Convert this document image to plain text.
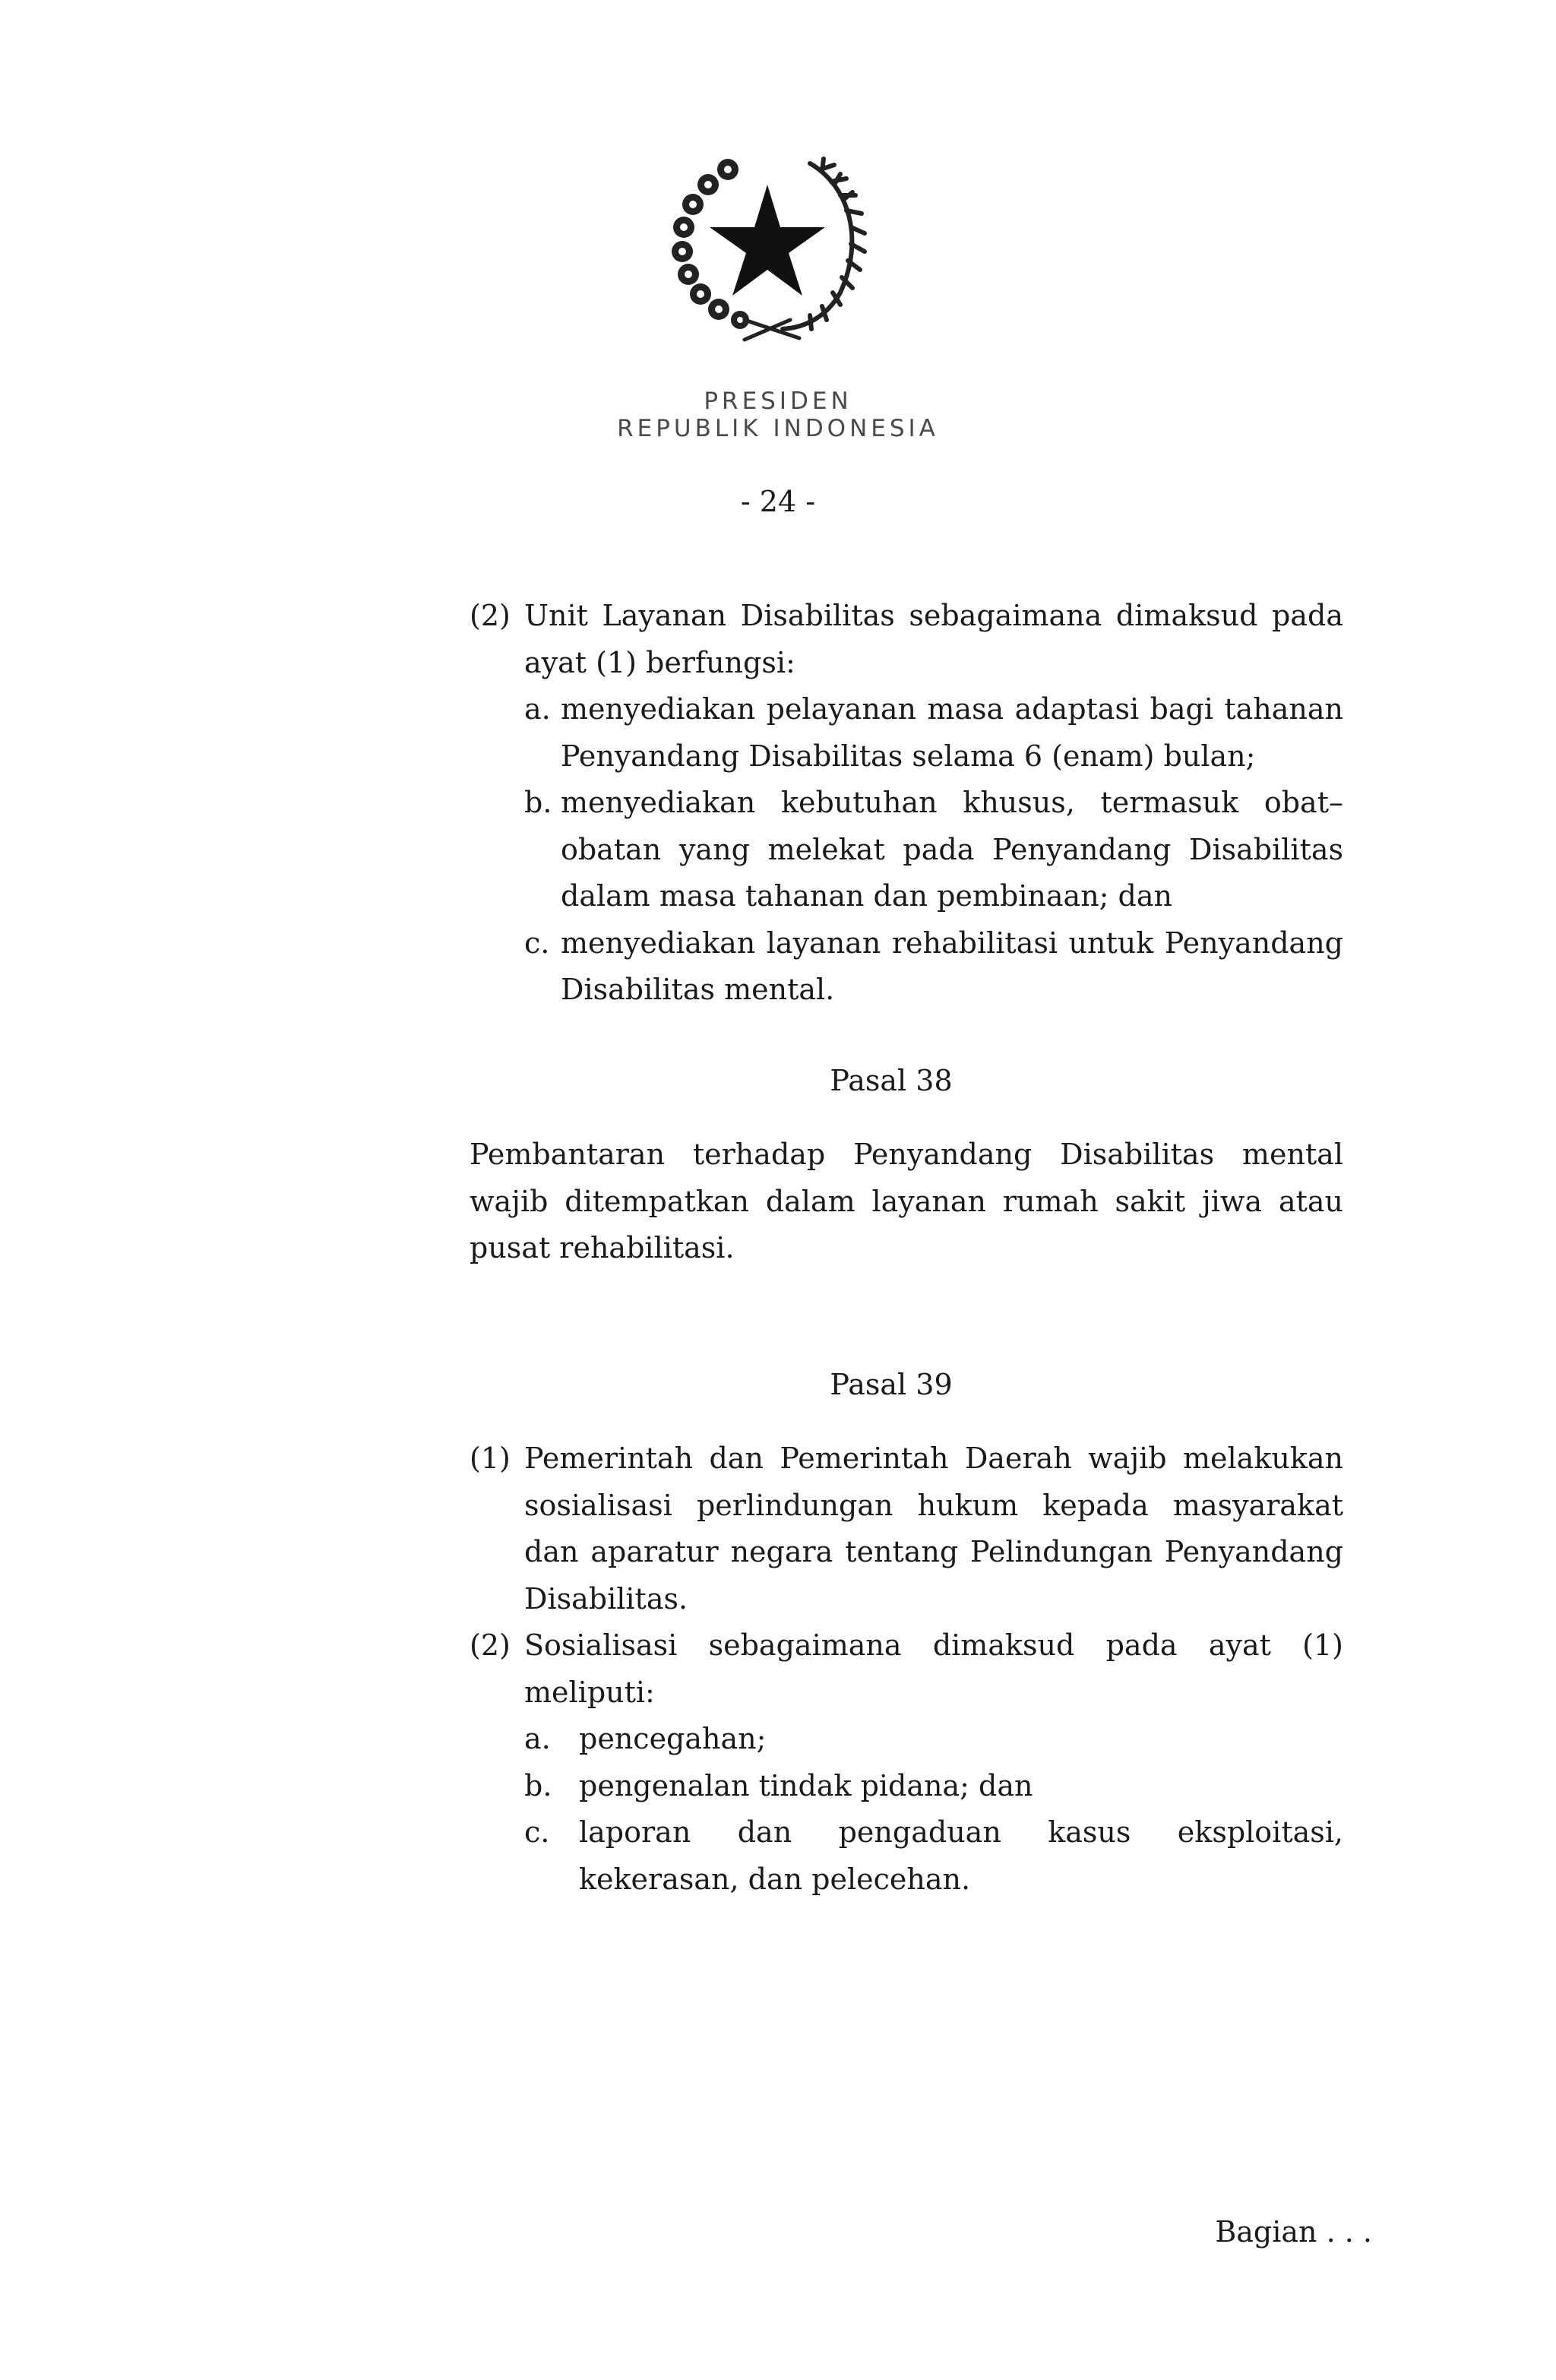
PRESIDEN
REPUBLIK INDONESIA
- 24 -
(2) Unit Layanan Disabilitas sebagaimana dimaksud pada ayat (1) berfungsi:
a. menyediakan pelayanan masa adaptasi bagi tahanan Penyandang Disabilitas selama 6 (enam) bulan;
b. menyediakan kebutuhan khusus, termasuk obat–obatan yang melekat pada Penyandang Disabilitas dalam masa tahanan dan pembinaan; dan
c. menyediakan layanan rehabilitasi untuk Penyandang Disabilitas mental.
Pasal 38
Pembantaran terhadap Penyandang Disabilitas mental wajib ditempatkan dalam layanan rumah sakit jiwa atau pusat rehabilitasi.
Pasal 39
(1) Pemerintah dan Pemerintah Daerah wajib melakukan sosialisasi perlindungan hukum kepada masyarakat dan aparatur negara tentang Pelindungan Penyandang Disabilitas.
(2) Sosialisasi sebagaimana dimaksud pada ayat (1) meliputi:
a. pencegahan;
b. pengenalan tindak pidana; dan
c.	laporan dan pengaduan kasus eksploitasi, kekerasan, dan pelecehan.
Bagian . . .
